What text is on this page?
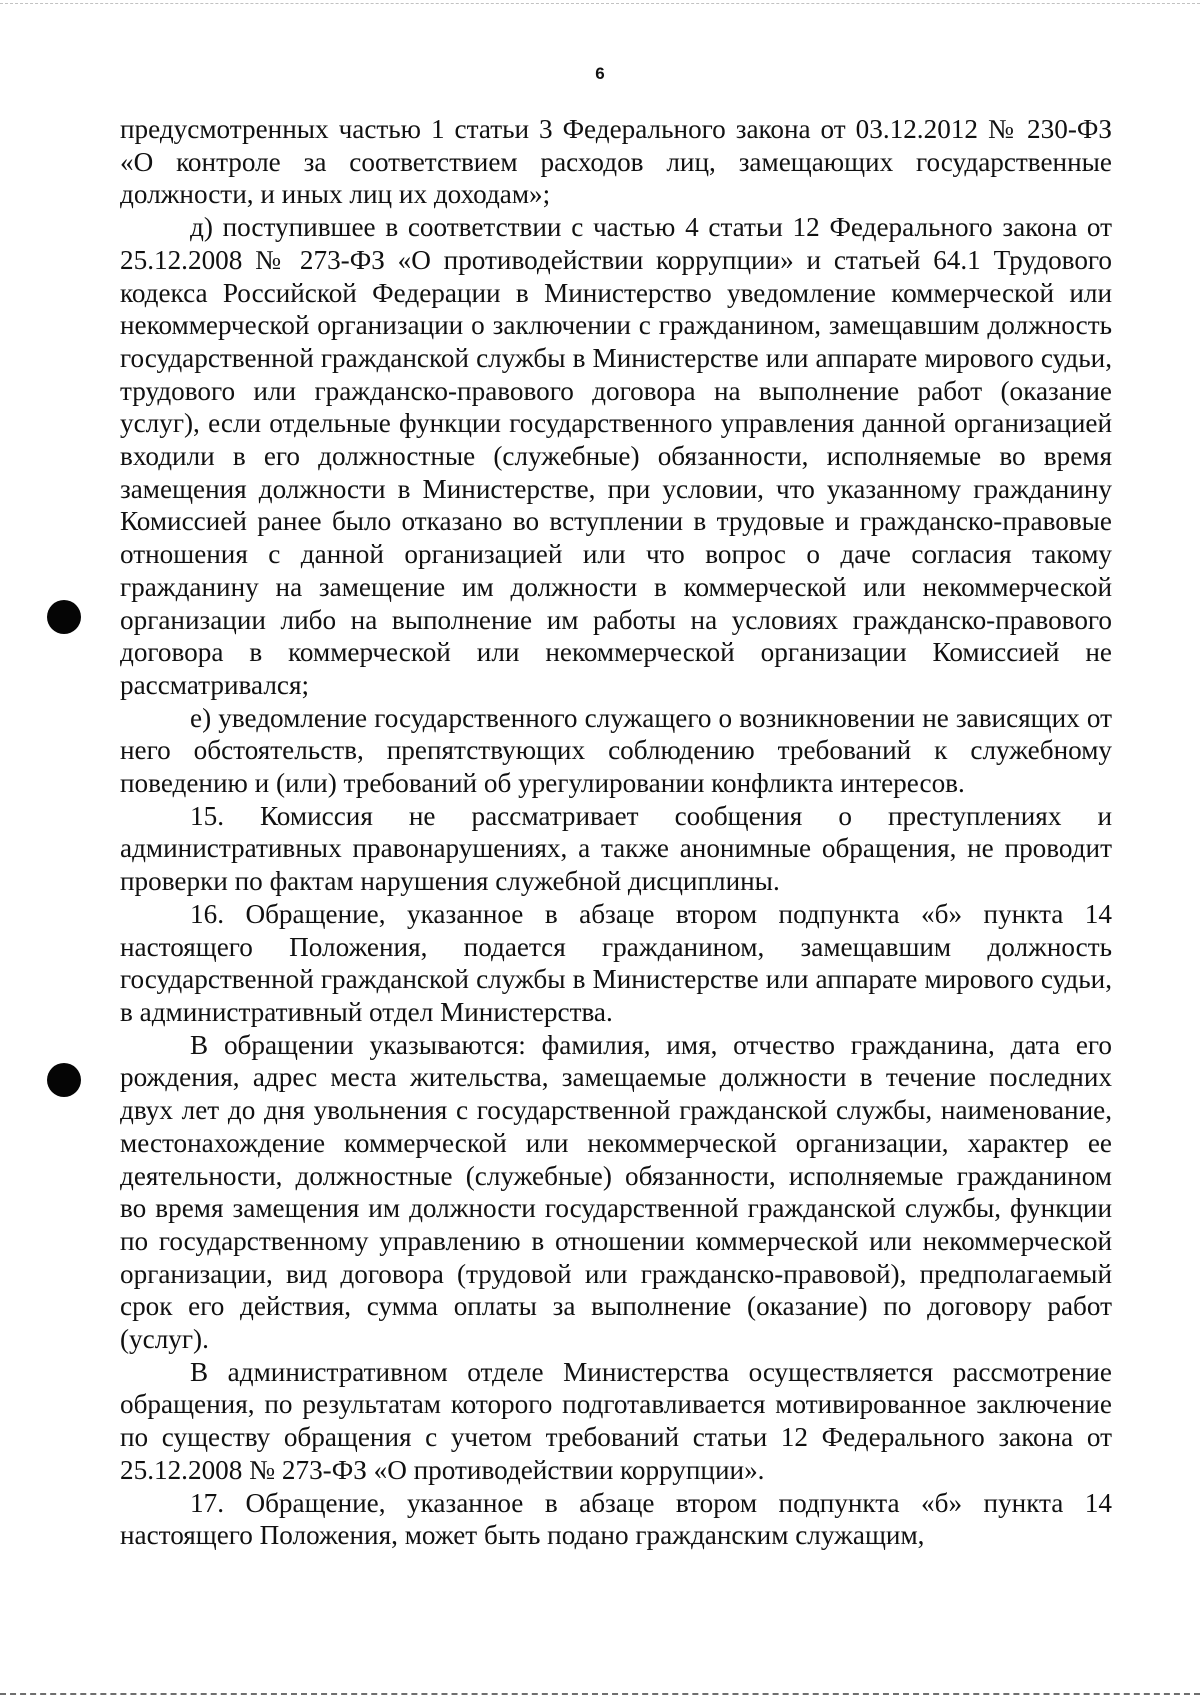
6

предусмотренных частью 1 статьи 3 Федерального закона от 03.12.2012 № 230-ФЗ «О контроле за соответствием расходов лиц, замещающих государственные должности, и иных лиц их доходам»;

д) поступившее в соответствии с частью 4 статьи 12 Федерального закона от 25.12.2008 № 273-ФЗ «О противодействии коррупции» и статьей 64.1 Трудового кодекса Российской Федерации в Министерство уведомление коммерческой или некоммерческой организации о заключении с гражданином, замещавшим должность государственной гражданской службы в Министерстве или аппарате мирового судьи, трудового или гражданско-правового договора на выполнение работ (оказание услуг), если отдельные функции государственного управления данной организацией входили в его должностные (служебные) обязанности, исполняемые во время замещения должности в Министерстве, при условии, что указанному гражданину Комиссией ранее было отказано во вступлении в трудовые и гражданско-правовые отношения с данной организацией или что вопрос о даче согласия такому гражданину на замещение им должности в коммерческой или некоммерческой организации либо на выполнение им работы на условиях гражданско-правового договора в коммерческой или некоммерческой организации Комиссией не рассматривался;

е) уведомление государственного служащего о возникновении не зависящих от него обстоятельств, препятствующих соблюдению требований к служебному поведению и (или) требований об урегулировании конфликта интересов.

15. Комиссия не рассматривает сообщения о преступлениях и административных правонарушениях, а также анонимные обращения, не проводит проверки по фактам нарушения служебной дисциплины.

16. Обращение, указанное в абзаце втором подпункта «б» пункта 14 настоящего Положения, подается гражданином, замещавшим должность государственной гражданской службы в Министерстве или аппарате мирового судьи, в административный отдел Министерства.

В обращении указываются: фамилия, имя, отчество гражданина, дата его рождения, адрес места жительства, замещаемые должности в течение последних двух лет до дня увольнения с государственной гражданской службы, наименование, местонахождение коммерческой или некоммерческой организации, характер ее деятельности, должностные (служебные) обязанности, исполняемые гражданином во время замещения им должности государственной гражданской службы, функции по государственному управлению в отношении коммерческой или некоммерческой организации, вид договора (трудовой или гражданско-правовой), предполагаемый срок его действия, сумма оплаты за выполнение (оказание) по договору работ (услуг).

В административном отделе Министерства осуществляется рассмотрение обращения, по результатам которого подготавливается мотивированное заключение по существу обращения с учетом требований статьи 12 Федерального закона от 25.12.2008 № 273-ФЗ «О противодействии коррупции».

17. Обращение, указанное в абзаце втором подпункта «б» пункта 14 настоящего Положения, может быть подано гражданским служащим,
